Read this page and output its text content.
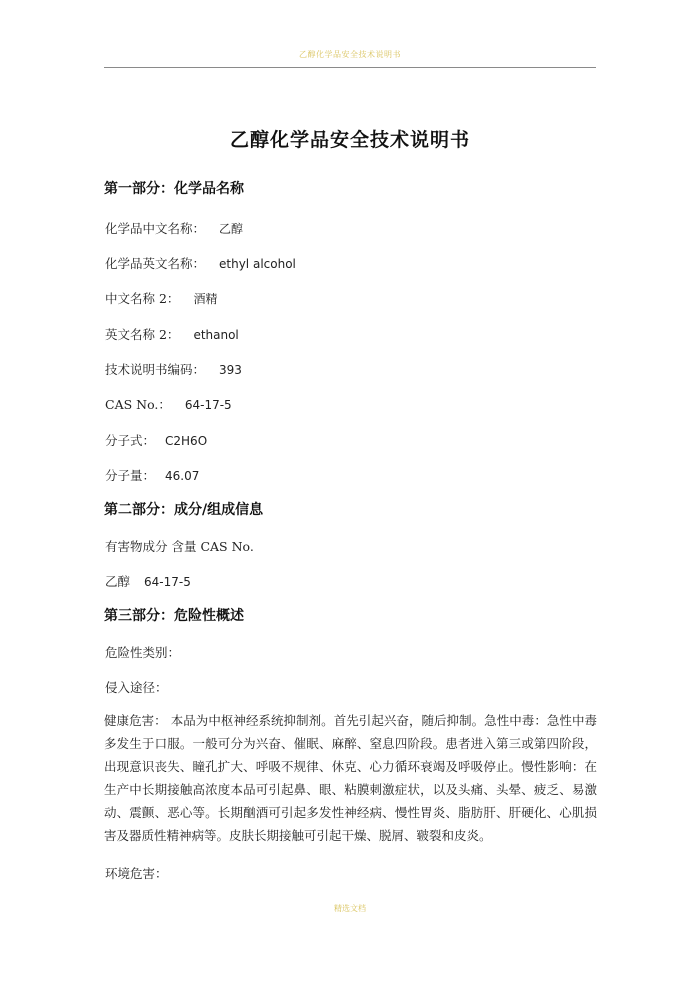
乙醇化学品安全技术说明书
乙醇化学品安全技术说明书
第一部分：化学品名称
化学品中文名称： 乙醇
化学品英文名称： ethyl alcohol
中文名称 2： 酒精
英文名称 2： ethanol
技术说明书编码： 393
CAS No.： 64-17-5
分子式： C2H6O
分子量： 46.07
第二部分：成分/组成信息
有害物成分 含量 CAS No.
乙醇 64-17-5
第三部分：危险性概述
危险性类别：
侵入途径：
健康危害： 本品为中枢神经系统抑制剂。首先引起兴奋，随后抑制。急性中毒：急性中毒多发生于口服。一般可分为兴奋、催眠、麻醉、窒息四阶段。患者进入第三或第四阶段，出现意识丧失、瞳孔扩大、呼吸不规律、休克、心力循环衰竭及呼吸停止。慢性影响：在生产中长期接触高浓度本品可引起鼻、眼、粘膜刺激症状，以及头痛、头晕、疲乏、易激动、震颤、恶心等。长期酗酒可引起多发性神经病、慢性胃炎、脂肪肝、肝硬化、心肌损害及器质性精神病等。皮肤长期接触可引起干燥、脱屑、皲裂和皮炎。
环境危害：
精选文档
